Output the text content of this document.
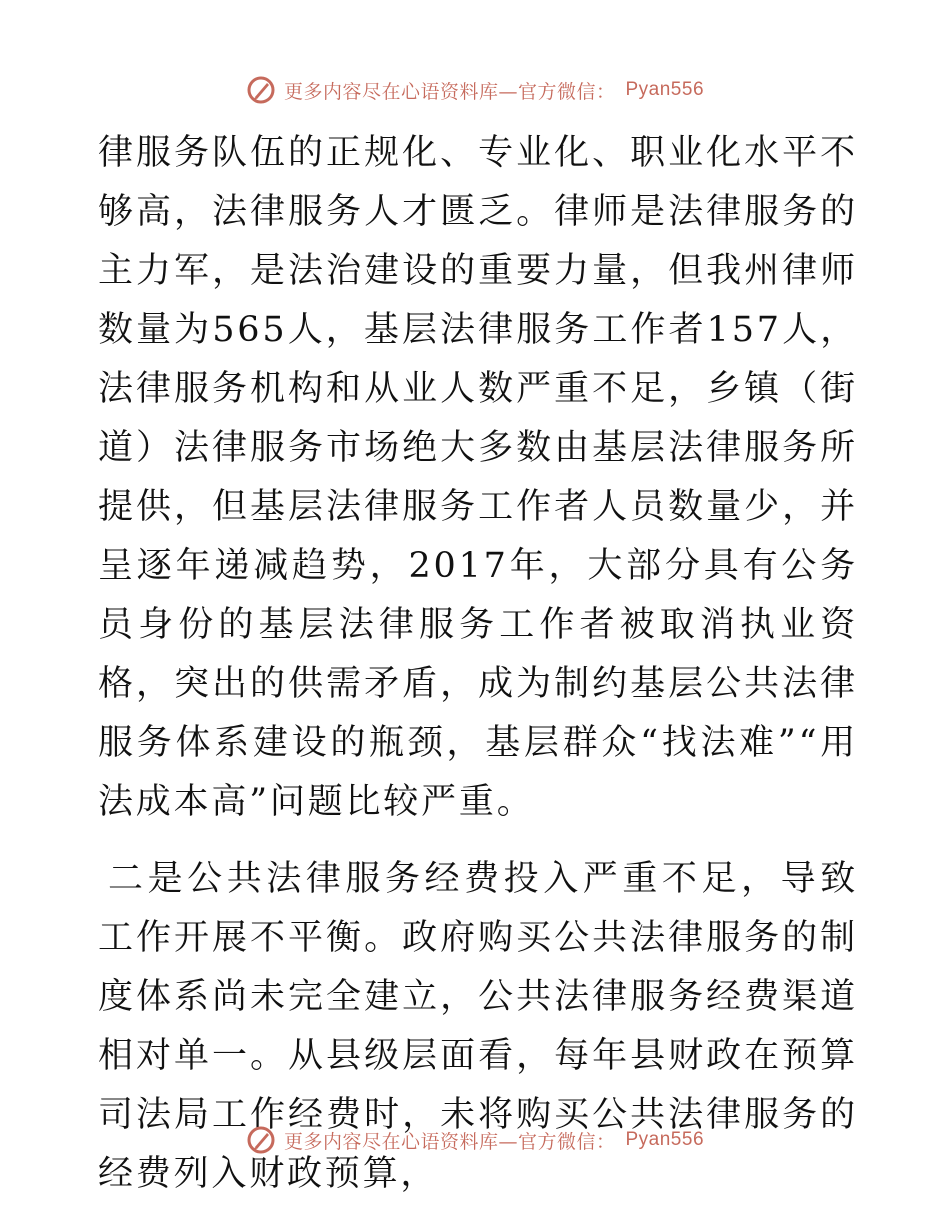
更多内容尽在心语资料库—官方微信： Pyan556

律服务队伍的正规化、专业化、职业化水平不够高，法律服务人才匮乏。律师是法律服务的主力军，是法治建设的重要力量，但我州律师数量为565人，基层法律服务工作者157人，法律服务机构和从业人数严重不足，乡镇（街道）法律服务市场绝大多数由基层法律服务所提供，但基层法律服务工作者人员数量少，并呈逐年递减趋势，2017年，大部分具有公务员身份的基层法律服务工作者被取消执业资格，突出的供需矛盾，成为制约基层公共法律服务体系建设的瓶颈，基层群众“找法难”“用法成本高”问题比较严重。

二是公共法律服务经费投入严重不足，导致工作开展不平衡。政府购买公共法律服务的制度体系尚未完全建立，公共法律服务经费渠道相对单一。从县级层面看，每年县财政在预算司法局工作经费时，未将购买公共法律服务的经费列入财政预算，

更多内容尽在心语资料库—官方微信： Pyan556
